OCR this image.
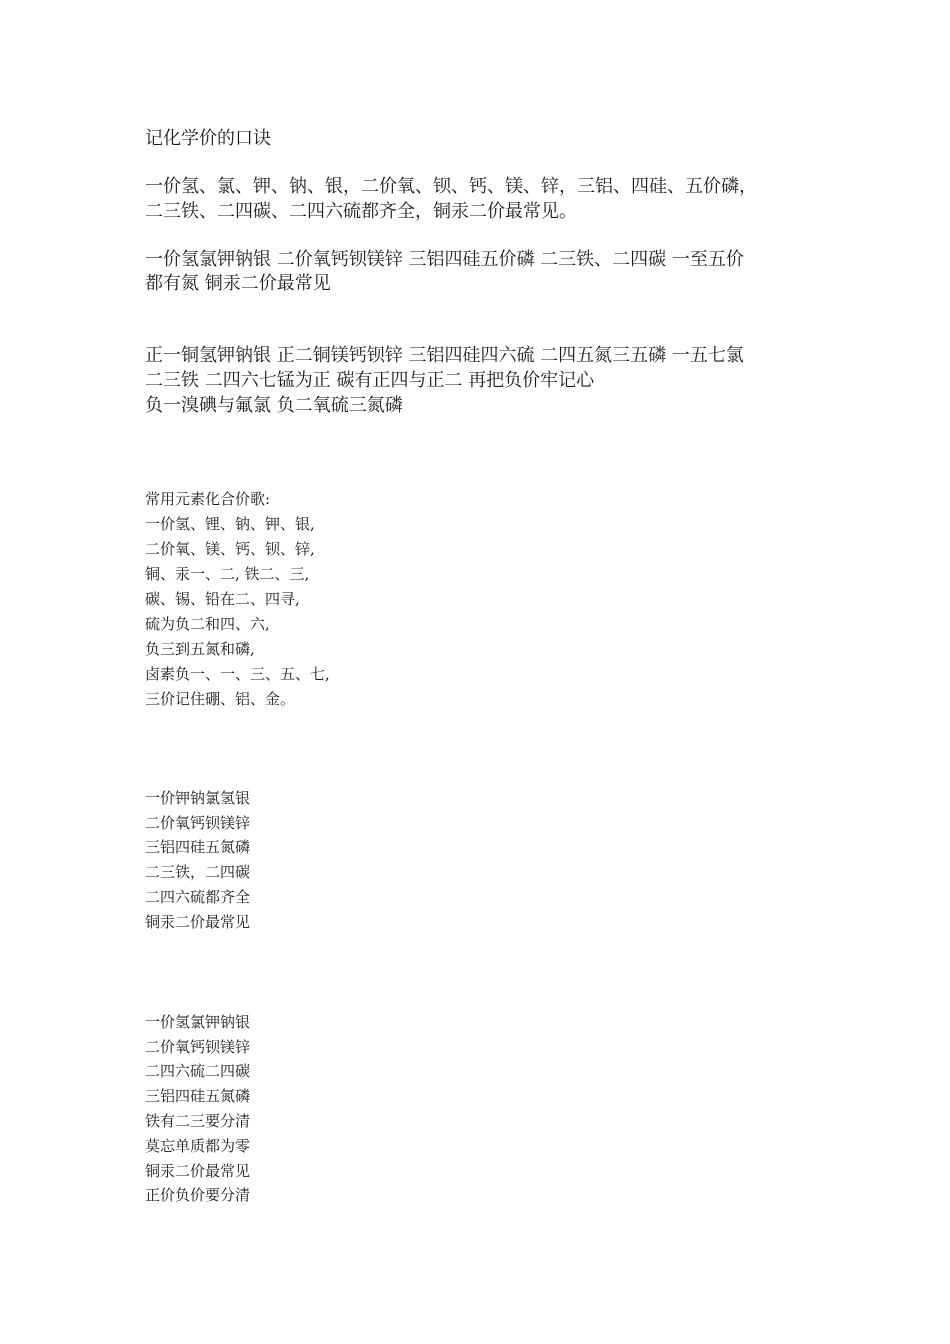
记化学价的口诀
一价氢、氯、钾、钠、银，二价氧、钡、钙、镁、锌，三铝、四硅、五价磷，
二三铁、二四碳、二四六硫都齐全，铜汞二价最常见。
一价氢氯钾钠银 二价氧钙钡镁锌 三铝四硅五价磷 二三铁、二四碳 一至五价
都有氮 铜汞二价最常见
正一铜氢钾钠银 正二铜镁钙钡锌 三铝四硅四六硫 二四五氮三五磷 一五七氯
二三铁 二四六七锰为正 碳有正四与正二 再把负价牢记心
负一溴碘与氟氯 负二氧硫三氮磷
常用元素化合价歌:
一价氢、锂、钠、钾、银,
二价氧、镁、钙、钡、锌,
铜、汞一、二, 铁二、三,
碳、锡、铅在二、四寻,
硫为负二和四、六,
负三到五氮和磷,
卤素负一、一、三、五、七,
三价记住硼、铝、金。
一价钾钠氯氢银
二价氧钙钡镁锌
三铝四硅五氮磷
二三铁，二四碳
二四六硫都齐全
铜汞二价最常见
一价氢氯钾钠银
二价氧钙钡镁锌
二四六硫二四碳
三铝四硅五氮磷
铁有二三要分清
莫忘单质都为零
铜汞二价最常见
正价负价要分清
